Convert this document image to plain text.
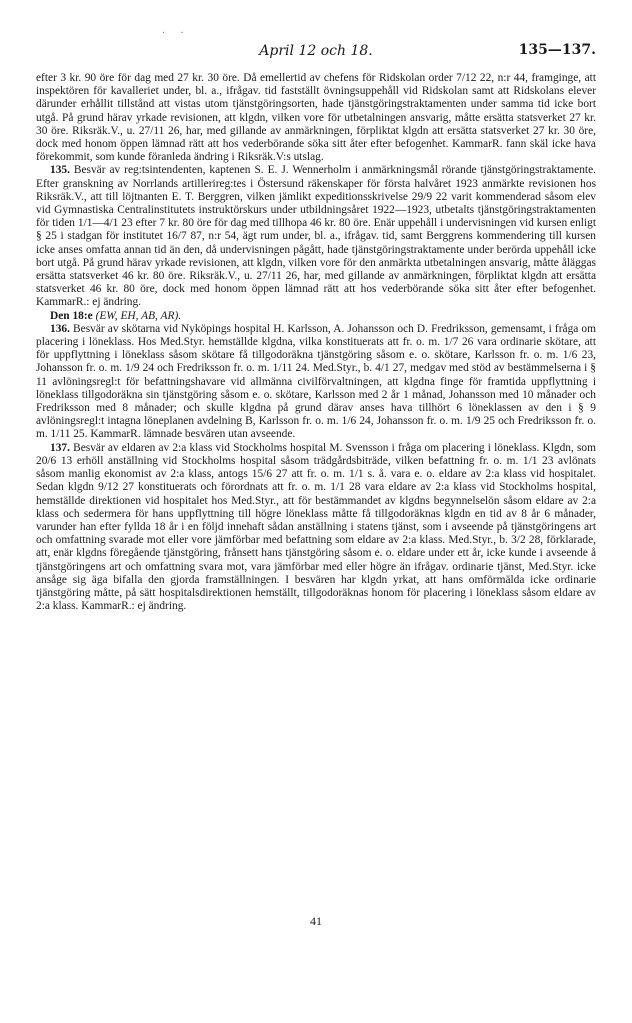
· ·
April 12 och 18.	135—137.

efter 3 kr. 90 öre för dag med 27 kr. 30 öre. Då emellertid av chefens för Ridskolan order 7/12 22, n:r 44, framginge, att inspektören för kavalleriet under, bl. a., ifrågav. tid fastställt övningsuppehåll vid Ridskolan samt att Ridskolans elever därunder erhållit tillstånd att vistas utom tjänstgöringsorten, hade tjänstgöringstraktamenten under samma tid icke bort utgå. På grund härav yrkade revisionen, att klgdn, vilken vore för utbetalningen ansvarig, måtte ersätta statsverket 27 kr. 30 öre. Riksräk.V., u. 27/11 26, har, med gillande av anmärkningen, förpliktat klgdn att ersätta statsverket 27 kr. 30 öre, dock med honom öppen lämnad rätt att hos vederbörande söka sitt åter efter befogenhet. KammarR. fann skäl icke hava förekommit, som kunde föranleda ändring i Riksräk.V:s utslag.

135. Besvär av reg:tsintendenten, kaptenen S. E. J. Wennerholm i anmärkningsmål rörande tjänstgöringstraktamente. Efter granskning av Norrlands artillerireg:tes i Östersund räkenskaper för första halvåret 1923 anmärkte revisionen hos Riksräk.V., att till löjtnanten E. T. Berggren, vilken jämlikt expeditionsskrivelse 29/9 22 varit kommenderad såsom elev vid Gymnastiska Centralinstitutets instruktörskurs under utbildningsåret 1922—1923, utbetalts tjänstgöringstraktamenten för tiden 1/1—4/1 23 efter 7 kr. 80 öre för dag med tillhopa 46 kr. 80 öre. Enär uppehåll i undervisningen vid kursen enligt § 25 i stadgan för institutet 16/7 87, n:r 54, ägt rum under, bl. a., ifrågav. tid, samt Berggrens kommendering till kursen icke anses omfatta annan tid än den, då undervisningen pågått, hade tjänstgöringstraktamente under berörda uppehåll icke bort utgå. På grund härav yrkade revisionen, att klgdn, vilken vore för den anmärkta utbetalningen ansvarig, måtte åläggas ersätta statsverket 46 kr. 80 öre. Riksräk.V., u. 27/11 26, har, med gillande av anmärkningen, förpliktat klgdn att ersätta statsverket 46 kr. 80 öre, dock med honom öppen lämnad rätt att hos vederbörande söka sitt åter efter befogenhet. KammarR.: ej ändring.

Den 18:e (EW, EH, AB, AR).

136. Besvär av skötarna vid Nyköpings hospital H. Karlsson, A. Johansson och D. Fredriksson, gemensamt, i fråga om placering i löneklass. Hos Med.Styr. hemställde klgdna, vilka konstituerats att fr. o. m. 1/7 26 vara ordinarie skötare, att för uppflyttning i löneklass såsom skötare få tillgodoräkna tjänstgöring såsom e. o. skötare, Karlsson fr. o. m. 1/6 23, Johansson fr. o. m. 1/9 24 och Fredriksson fr. o. m. 1/11 24. Med.Styr., b. 4/1 27, medgav med stöd av bestämmelserna i § 11 avlöningsregl:t för befattningshavare vid allmänna civilförvaltningen, att klgdna finge för framtida uppflyttning i löneklass tillgodoräkna sin tjänstgöring såsom e. o. skötare, Karlsson med 2 år 1 månad, Johansson med 10 månader och Fredriksson med 8 månader; och skulle klgdna på grund därav anses hava tillhört 6 löneklassen av den i § 9 avlöningsregl:t intagna löneplanen avdelning B, Karlsson fr. o. m. 1/6 24, Johansson fr. o. m. 1/9 25 och Fredriksson fr. o. m. 1/11 25. KammarR. lämnade besvären utan avseende.

137. Besvär av eldaren av 2:a klass vid Stockholms hospital M. Svensson i fråga om placering i löneklass. Klgdn, som 20/6 13 erhöll anställning vid Stockholms hospital såsom trädgårdsbiträde, vilken befattning fr. o. m. 1/1 23 avlönats såsom manlig ekonomist av 2:a klass, antogs 15/6 27 att fr. o. m. 1/1 s. å. vara e. o. eldare av 2:a klass vid hospitalet. Sedan klgdn 9/12 27 konstituerats och förordnats att fr. o. m. 1/1 28 vara eldare av 2:a klass vid Stockholms hospital, hemställde direktionen vid hospitalet hos Med.Styr., att för bestämmandet av klgdns begynnelselön såsom eldare av 2:a klass och sedermera för hans uppflyttning till högre löneklass måtte få tillgodoräknas klgdn en tid av 8 år 6 månader, varunder han efter fyllda 18 år i en följd innehaft sådan anställning i statens tjänst, som i avseende på tjänstgöringens art och omfattning svarade mot eller vore jämförbar med befattning som eldare av 2:a klass. Med.Styr., b. 3/2 28, förklarade, att, enär klgdns föregående tjänstgöring, frånsett hans tjänstgöring såsom e. o. eldare under ett år, icke kunde i avseende å tjänstgöringens art och omfattning svara mot, vara jämförbar med eller högre än ifrågav. ordinarie tjänst, Med.Styr. icke ansåge sig äga bifalla den gjorda framställningen. I besvären har klgdn yrkat, att hans omförmälda icke ordinarie tjänstgöring måtte, på sätt hospitalsdirektionen hemställt, tillgodoräknas honom för placering i löneklass såsom eldare av 2:a klass. KammarR.: ej ändring.

41
